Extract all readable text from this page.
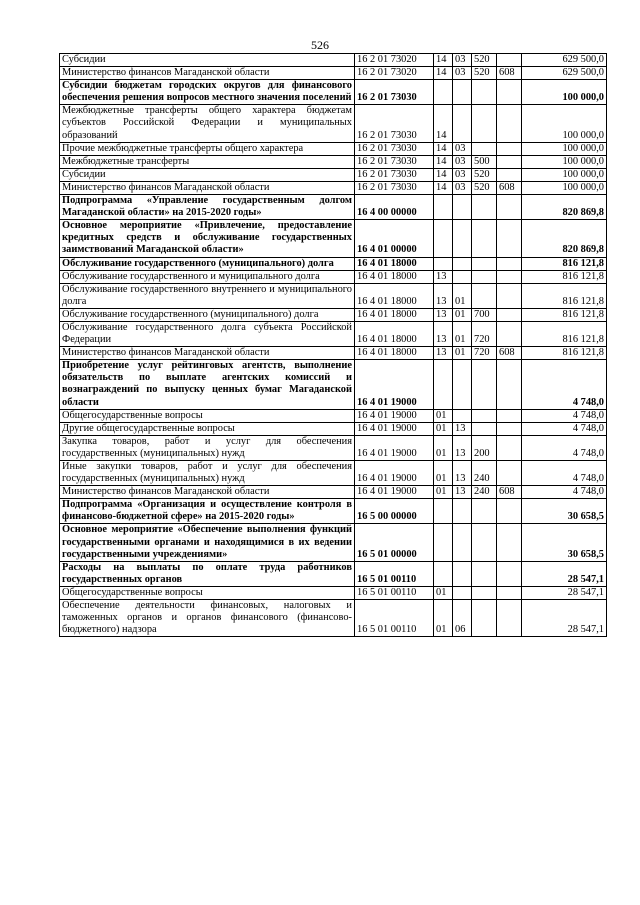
526
Субсидии	16 2 01 73020	14	03	520		629 500,0
Министерство финансов Магаданской области	16 2 01 73020	14	03	520	608	629 500,0
Субсидии бюджетам городских округов для финансового обеспечения решения вопросов местного значения поселений	16 2 01 73030					100 000,0
Межбюджетные трансферты общего характера бюджетам субъектов Российской Федерации и муниципальных образований	16 2 01 73030	14				100 000,0
Прочие межбюджетные трансферты общего характера	16 2 01 73030	14	03			100 000,0
Межбюджетные трансферты	16 2 01 73030	14	03	500		100 000,0
Субсидии	16 2 01 73030	14	03	520		100 000,0
Министерство финансов Магаданской области	16 2 01 73030	14	03	520	608	100 000,0
Подпрограмма «Управление государственным долгом Магаданской области» на 2015-2020 годы»	16 4 00 00000					820 869,8
Основное мероприятие «Привлечение, предоставление кредитных средств и обслуживание государственных заимствований Магаданской области»	16 4 01 00000					820 869,8
Обслуживание государственного (муниципального) долга	16 4 01 18000					816 121,8
Обслуживание государственного и муниципального долга	16 4 01 18000	13				816 121,8
Обслуживание государственного внутреннего и муниципального долга	16 4 01 18000	13	01			816 121,8
Обслуживание государственного (муниципального) долга	16 4 01 18000	13	01	700		816 121,8
Обслуживание государственного долга субъекта Российской Федерации	16 4 01 18000	13	01	720		816 121,8
Министерство финансов Магаданской области	16 4 01 18000	13	01	720	608	816 121,8
Приобретение услуг рейтинговых агентств, выполнение обязательств по выплате агентских комиссий и вознаграждений по выпуску ценных бумаг Магаданской области	16 4 01 19000					4 748,0
Общегосударственные вопросы	16 4 01 19000	01				4 748,0
Другие общегосударственные вопросы	16 4 01 19000	01	13			4 748,0
Закупка товаров, работ и услуг для обеспечения государственных (муниципальных) нужд	16 4 01 19000	01	13	200		4 748,0
Иные закупки товаров, работ и услуг для обеспечения государственных (муниципальных) нужд	16 4 01 19000	01	13	240		4 748,0
Министерство финансов Магаданской области	16 4 01 19000	01	13	240	608	4 748,0
Подпрограмма «Организация и осуществление контроля в финансово-бюджетной сфере» на 2015-2020 годы»	16 5 00 00000					30 658,5
Основное мероприятие «Обеспечение выполнения функций государственными органами и находящимися в их ведении государственными учреждениями»	16 5 01 00000					30 658,5
Расходы на выплаты по оплате труда работников государственных органов	16 5 01 00110					28 547,1
Общегосударственные вопросы	16 5 01 00110	01				28 547,1
Обеспечение деятельности финансовых, налоговых и таможенных органов и органов финансового (финансово-бюджетного) надзора	16 5 01 00110	01	06			28 547,1
